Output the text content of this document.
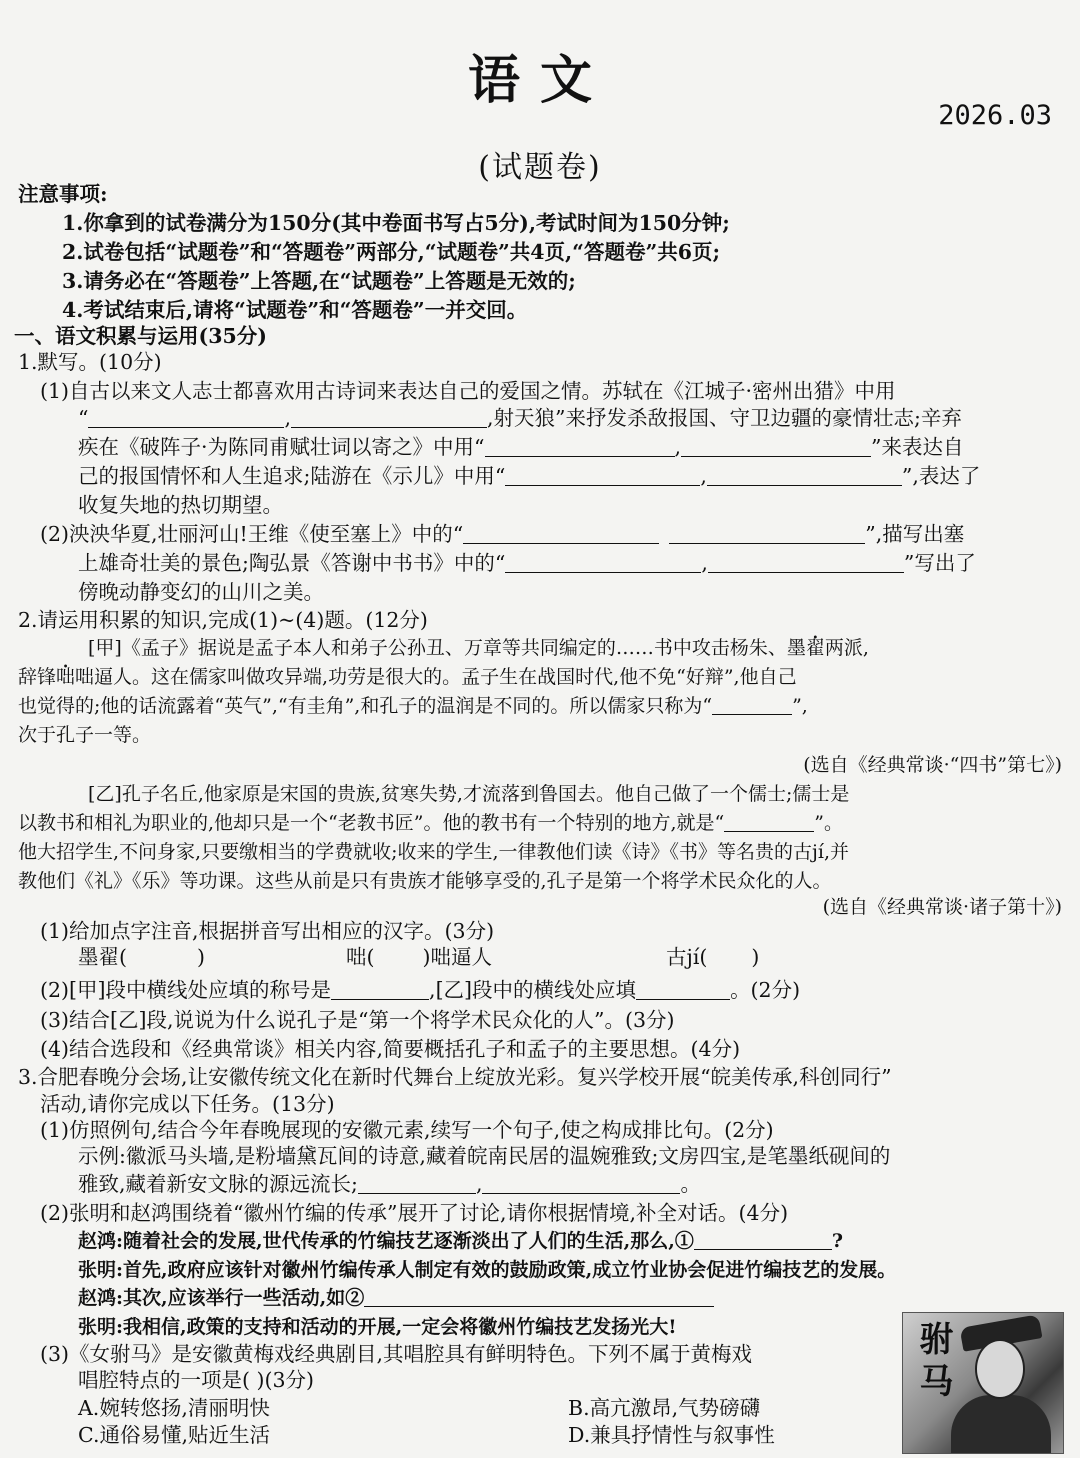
语文
2026.03
(试题卷)
注意事项:
1.你拿到的试卷满分为150分(其中卷面书写占5分),考试时间为150分钟;
2.试卷包括“试题卷”和“答题卷”两部分,“试题卷”共4页,“答题卷”共6页;
3.请务必在“答题卷”上答题,在“试题卷”上答题是无效的;
4.考试结束后,请将“试题卷”和“答题卷”一并交回。
一、语文积累与运用(35分)
1.默写。(10分)
(1)自古以来文人志士都喜欢用古诗词来表达自己的爱国之情。苏轼在《江城子·密州出猎》中用
“	,	,射天狼”来抒发杀敌报国、守卫边疆的豪情壮志;辛弃
疾在《破阵子·为陈同甫赋壮词以寄之》中用“	,	”来表达自
己的报国情怀和人生追求;陆游在《示儿》中用“	,	”,表达了
收复失地的热切期望。
(2)泱泱华夏,壮丽河山!王维《使至塞上》中的“	”,描写出塞
上雄奇壮美的景色;陶弘景《答谢中书书》中的“	,	”写出了
傍晚动静变幻的山川之美。
2.请运用积累的知识,完成(1)~(4)题。(12分)
[甲]《孟子》据说是孟子本人和弟子公孙丑、万章等共同编定的……书中攻击杨朱、墨翟两派,
辞锋咄咄逼人。这在儒家叫做攻异端,功劳是很大的。孟子生在战国时代,他不免“好辩”,他自己
也觉得的;他的话流露着“英气”,“有圭角”,和孔子的温润是不同的。所以儒家只称为“	”,
次于孔子一等。
(选自《经典常谈·“四书”第七》)
[乙]孔子名丘,他家原是宋国的贵族,贫寒失势,才流落到鲁国去。他自己做了一个儒士;儒士是
以教书和相礼为职业的,他却只是一个“老教书匠”。他的教书有一个特别的地方,就是“	”。
他大招学生,不问身家,只要缴相当的学费就收;收来的学生,一律教他们读《诗》《书》等名贵的古jí,并
教他们《礼》《乐》等功课。这些从前是只有贵族才能够享受的,孔子是第一个将学术民众化的人。
(选自《经典常谈·诸子第十》)
(1)给加点字注音,根据拼音写出相应的汉字。(3分)
墨翟(	)	咄( )咄逼人	古jí( )
(2)[甲]段中横线处应填的称号是	,[乙]段中的横线处应填	。(2分)
(3)结合[乙]段,说说为什么说孔子是“第一个将学术民众化的人”。(3分)
(4)结合选段和《经典常谈》相关内容,简要概括孔子和孟子的主要思想。(4分)
3.合肥春晚分会场,让安徽传统文化在新时代舞台上绽放光彩。复兴学校开展“皖美传承,科创同行”
活动,请你完成以下任务。(13分)
(1)仿照例句,结合今年春晚展现的安徽元素,续写一个句子,使之构成排比句。(2分)
示例:徽派马头墙,是粉墙黛瓦间的诗意,藏着皖南民居的温婉雅致;文房四宝,是笔墨纸砚间的
雅致,藏着新安文脉的源远流长;	,	。
(2)张明和赵鸿围绕着“徽州竹编的传承”展开了讨论,请你根据情境,补全对话。(4分)
赵鸿:随着社会的发展,世代传承的竹编技艺逐渐淡出了人们的生活,那么,①	?
张明:首先,政府应该针对徽州竹编传承人制定有效的鼓励政策,成立竹业协会促进竹编技艺的发展。
赵鸿:其次,应该举行一些活动,如②
张明:我相信,政策的支持和活动的开展,一定会将徽州竹编技艺发扬光大!
(3)《女驸马》是安徽黄梅戏经典剧目,其唱腔具有鲜明特色。下列不属于黄梅戏
唱腔特点的一项是( )(3分)
A.婉转悠扬,清丽明快	B.高亢激昂,气势磅礴
C.通俗易懂,贴近生活	D.兼具抒情性与叙事性
驸马
